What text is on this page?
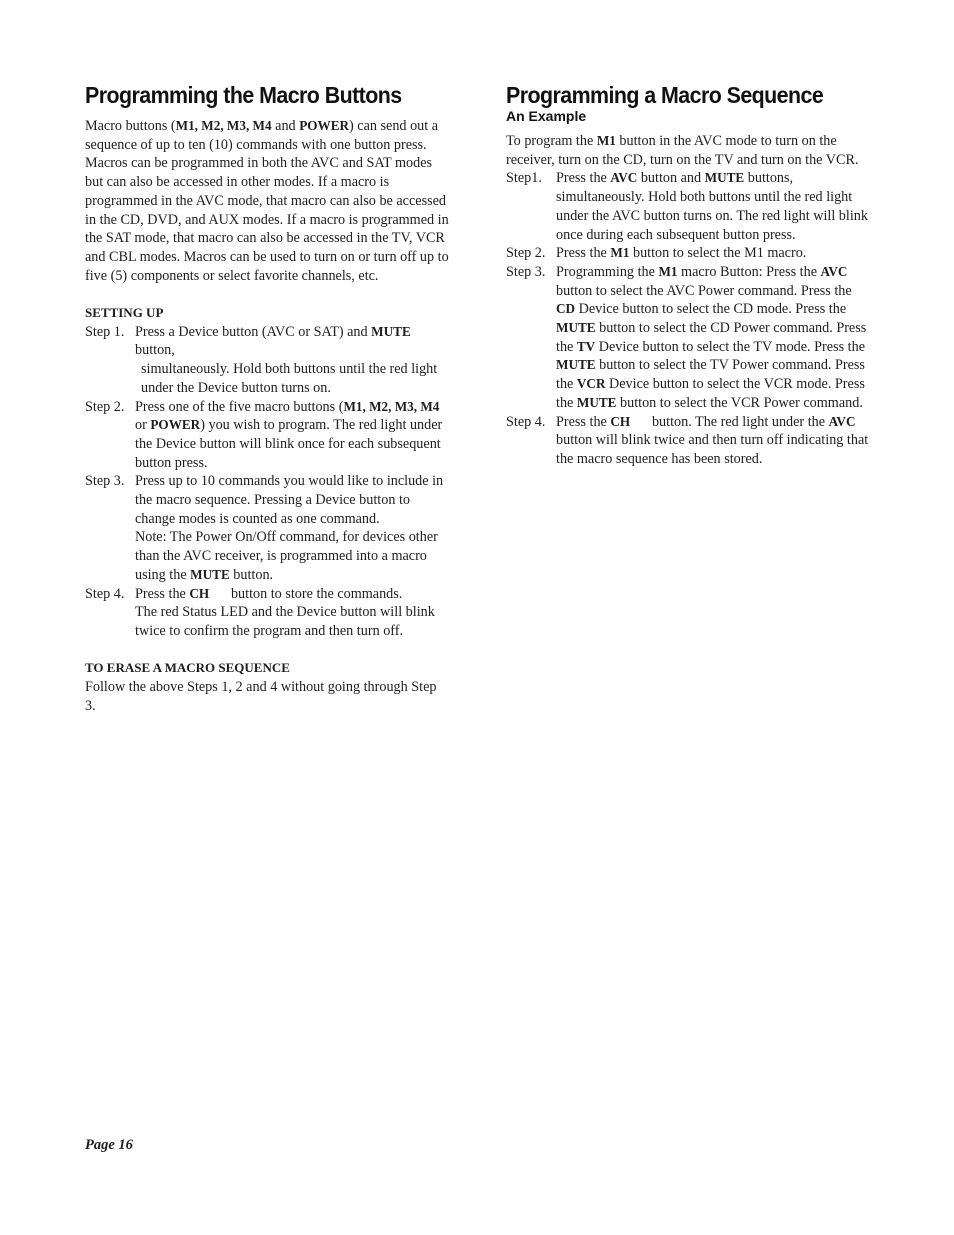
Programming the Macro Buttons

Macro buttons (M1, M2, M3, M4 and POWER) can send out a sequence of up to ten (10) commands with one button press. Macros can be programmed in both the AVC and SAT modes but can also be accessed in other modes. If a macro is programmed in the AVC mode, that macro can also be accessed in the CD, DVD, and AUX modes. If a macro is programmed in the SAT mode, that macro can also be accessed in the TV, VCR and CBL modes. Macros can be used to turn on or turn off up to five (5) components or select favorite channels, etc.

SETTING UP
Step 1. Press a Device button (AVC or SAT) and MUTE button,
simultaneously. Hold both buttons until the red light under the Device button turns on.
Step 2. Press one of the five macro buttons (M1, M2, M3, M4 or POWER) you wish to program. The red light under the Device button will blink once for each subsequent button press.
Step 3. Press up to 10 commands you would like to include in the macro sequence. Pressing a Device button to change modes is counted as one command.
Note: The Power On/Off command, for devices other than the AVC receiver, is programmed into a macro using the MUTE button.
Step 4. Press the CH button to store the commands.
The red Status LED and the Device button will blink twice to confirm the program and then turn off.
TO ERASE A MACRO SEQUENCE

Follow the above Steps 1, 2 and 4 without going through Step 3.

Programming a Macro Sequence
An Example

To program the M1 button in the AVC mode to turn on the receiver, turn on the CD, turn on the TV and turn on the VCR.

Step1. Press the AVC button and MUTE buttons, simultaneously. Hold both buttons until the red light under the AVC button turns on. The red light will blink once during each subsequent button press.
Step 2. Press the M1 button to select the M1 macro.
Step 3. Programming the M1 macro Button: Press the AVC button to select the AVC Power command. Press the CD Device button to select the CD mode. Press the MUTE button to select the CD Power command. Press the TV Device button to select the TV mode. Press the MUTE button to select the TV Power command. Press the VCR Device button to select the VCR mode. Press the MUTE button to select the VCR Power command.
Step 4. Press the CH button. The red light under the AVC button will blink twice and then turn off indicating that the macro sequence has been stored.
Page 16
